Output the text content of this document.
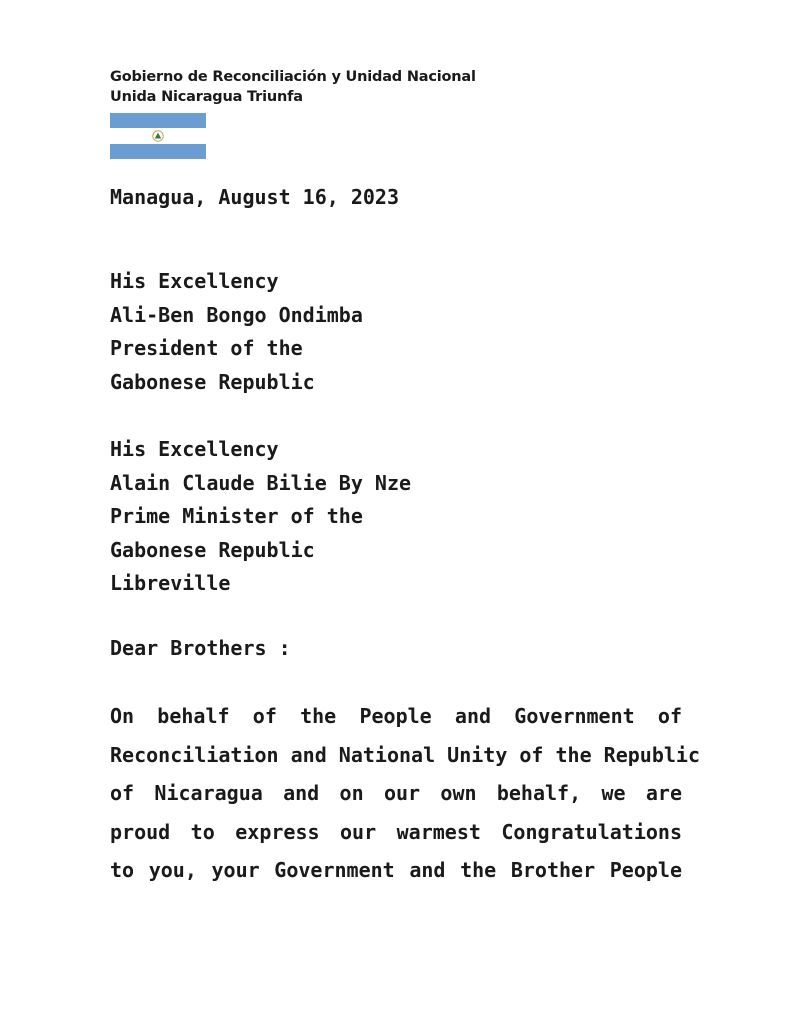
Gobierno de Reconciliación y Unidad Nacional
Unida Nicaragua Triunfa
Managua, August 16, 2023
His Excellency
Ali-Ben Bongo Ondimba
President of the
Gabonese Republic
His Excellency
Alain Claude Bilie By Nze
Prime Minister of the
Gabonese Republic
Libreville
Dear Brothers :
On behalf of the People and Government of
Reconciliation and National Unity of the Republic
of Nicaragua and on our own behalf, we are
proud to express our warmest Congratulations
to you, your Government and the Brother People
